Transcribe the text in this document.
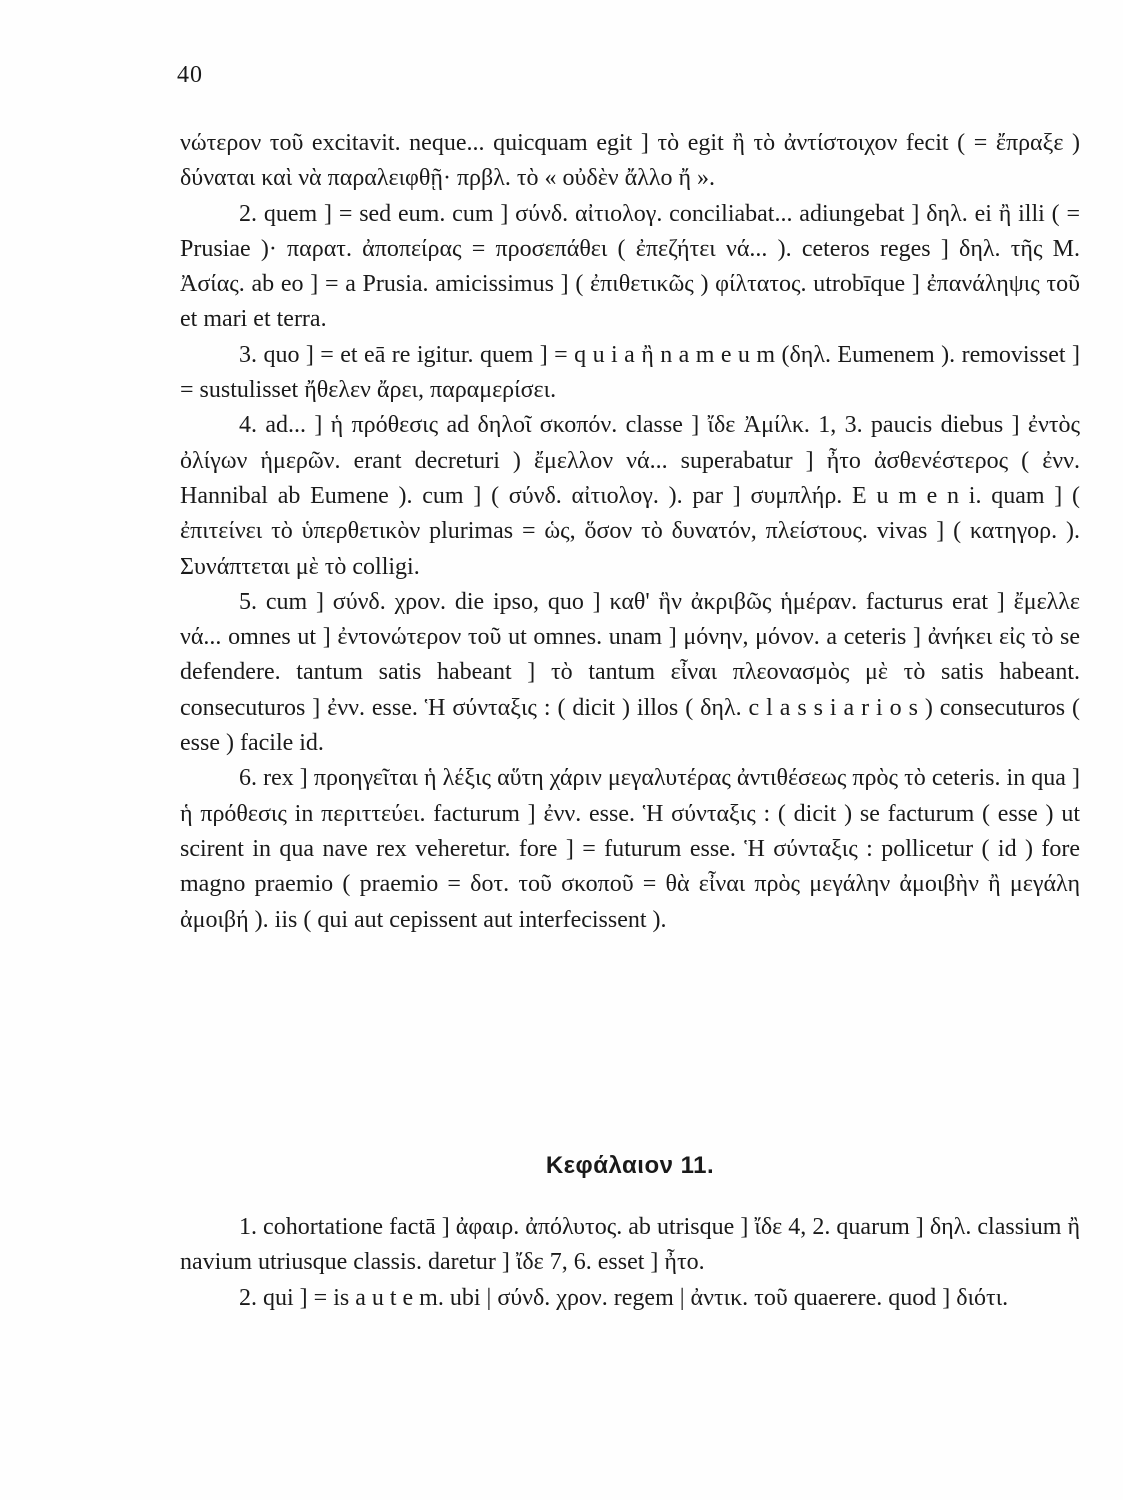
40

νώτερον τοῦ excitavit. neque... quicquam egit ] τὸ egit ἢ τὸ ἀντίστοιχον fecit ( = ἔπραξε ) δύναται καὶ νὰ παραλειφθῇ· πρβλ. τὸ « οὐδὲν ἄλλο ἤ ».

2. quem ] = sed eum. cum ] σύνδ. αἰτιολογ. conciliabat... adiungebat ] δηλ. ei ἢ illi ( = Prusiae )· παρατ. ἀποπείρας = προσεπάθει ( ἐπεζήτει νά... ). ceteros reges ] δηλ. τῆς Μ. Ἀσίας. ab eo ] = a Prusia. amicissimus ] ( ἐπιθετικῶς ) φίλτατος. utrobīque ] ἐπανάληψις τοῦ et mari et terra.

3. quo ] = et eā re igitur. quem ] = q u i a ἢ n a m e u m (δηλ. Eumenem ). removisset ] = sustulisset ἤθελεν ἄρει, παραμερίσει.

4. ad... ] ἡ πρόθεσις ad δηλοῖ σκοπόν. classe ] ἴδε Ἀμίλκ. 1, 3. paucis diebus ] ἐντὸς ὀλίγων ἡμερῶν. erant decreturi ) ἔμελλον νά... superabatur ] ἦτο ἀσθενέστερος ( ἐνν. Hannibal ab Eumene ). cum ] ( σύνδ. αἰτιολογ. ). par ] συμπλήρ. E u m e n i. quam ] ( ἐπιτείνει τὸ ὑπερθετικὸν plurimas = ὡς, ὅσον τὸ δυνατόν, πλείστους. vivas ] ( κατηγορ. ). Συνάπτεται μὲ τὸ colligi.

5. cum ] σύνδ. χρον. die ipso, quo ] καθ' ἣν ἀκριβῶς ἡμέραν. facturus erat ] ἔμελλε νά... omnes ut ] ἐντονώτερον τοῦ ut omnes. unam ] μόνην, μόνον. a ceteris ] ἀνήκει εἰς τὸ se defendere. tantum satis habeant ] τὸ tantum εἶναι πλεονασμὸς μὲ τὸ satis habeant. consecuturos ] ἐνν. esse. Ἡ σύνταξις : ( dicit ) illos ( δηλ. c l a s s i a r i o s ) consecuturos ( esse ) facile id.

6. rex ] προηγεῖται ἡ λέξις αὕτη χάριν μεγαλυτέρας ἀντιθέσεως πρὸς τὸ ceteris. in qua ] ἡ πρόθεσις in περιττεύει. facturum ] ἐνν. esse. Ἡ σύνταξις : ( dicit ) se facturum ( esse ) ut scirent in qua nave rex veheretur. fore ] = futurum esse. Ἡ σύνταξις : pollicetur ( id ) fore magno praemio ( praemio = δοτ. τοῦ σκοποῦ = θὰ εἶναι πρὸς μεγάλην ἀμοιβὴν ἢ μεγάλη ἀμοιβή ). iis ( qui aut cepissent aut interfecissent ).

Κεφάλαιον 11.

1. cohortatione factā ] ἀφαιρ. ἀπόλυτος. ab utrisque ] ἴδε 4, 2. quarum ] δηλ. classium ἢ navium utriusque classis. daretur ] ἴδε 7, 6. esset ] ἦτο.

2. qui ] = is a u t e m. ubi | σύνδ. χρον. regem | ἀντικ. τοῦ quaerere. quod ] διότι.
